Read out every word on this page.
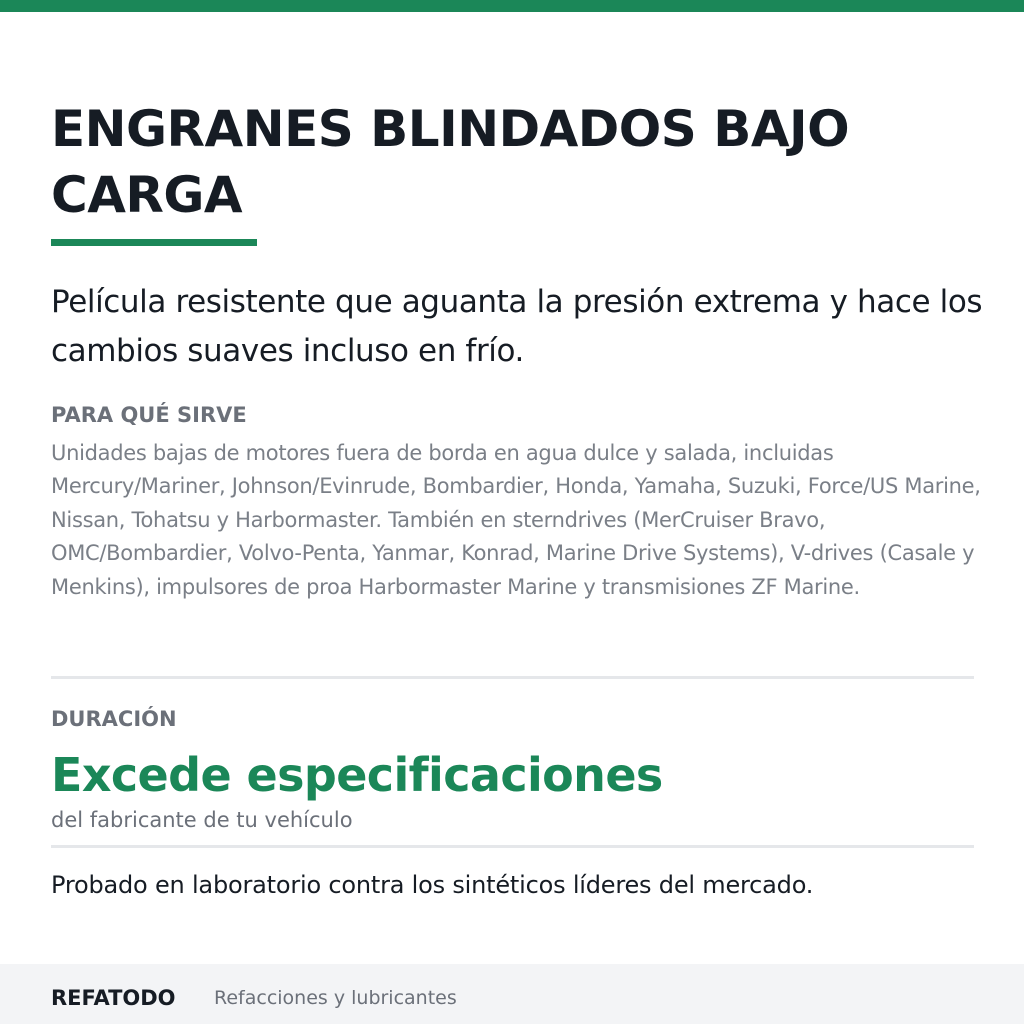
ENGRANES BLINDADOS BAJO CARGA

Película resistente que aguanta la presión extrema y hace los cambios suaves incluso en frío.

PARA QUÉ SIRVE

Unidades bajas de motores fuera de borda en agua dulce y salada, incluidas Mercury/Mariner, Johnson/Evinrude, Bombardier, Honda, Yamaha, Suzuki, Force/US Marine, Nissan, Tohatsu y Harbormaster. También en sterndrives (MerCruiser Bravo, OMC/Bombardier, Volvo-Penta, Yanmar, Konrad, Marine Drive Systems), V-drives (Casale y Menkins), impulsores de proa Harbormaster Marine y transmisiones ZF Marine.

DURACIÓN
Excede especificaciones
del fabricante de tu vehículo

Probado en laboratorio contra los sintéticos líderes del mercado.

REFATODO Refacciones y lubricantes
